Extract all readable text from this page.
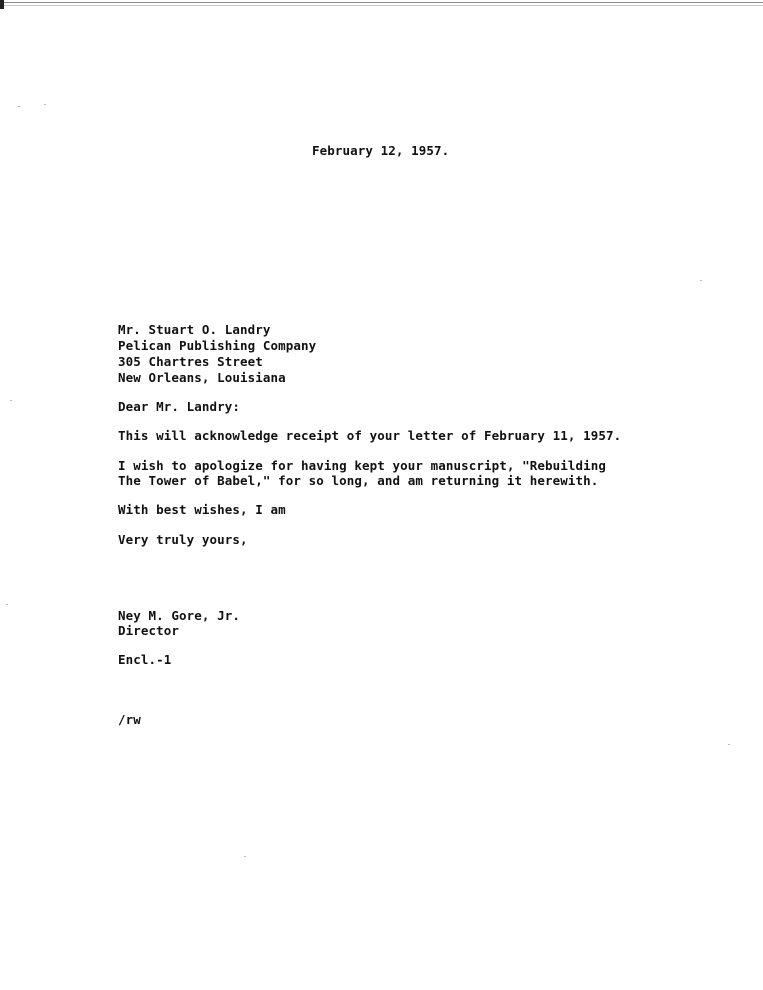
February 12, 1957.
Mr. Stuart O. Landry
Pelican Publishing Company
305 Chartres Street
New Orleans, Louisiana
Dear Mr. Landry:
This will acknowledge receipt of your letter of February 11, 1957.
I wish to apologize for having kept your manuscript, "Rebuilding
The Tower of Babel," for so long, and am returning it herewith.
With best wishes, I am
Very truly yours,
Ney M. Gore, Jr.
Director
Encl.-1
/rw
